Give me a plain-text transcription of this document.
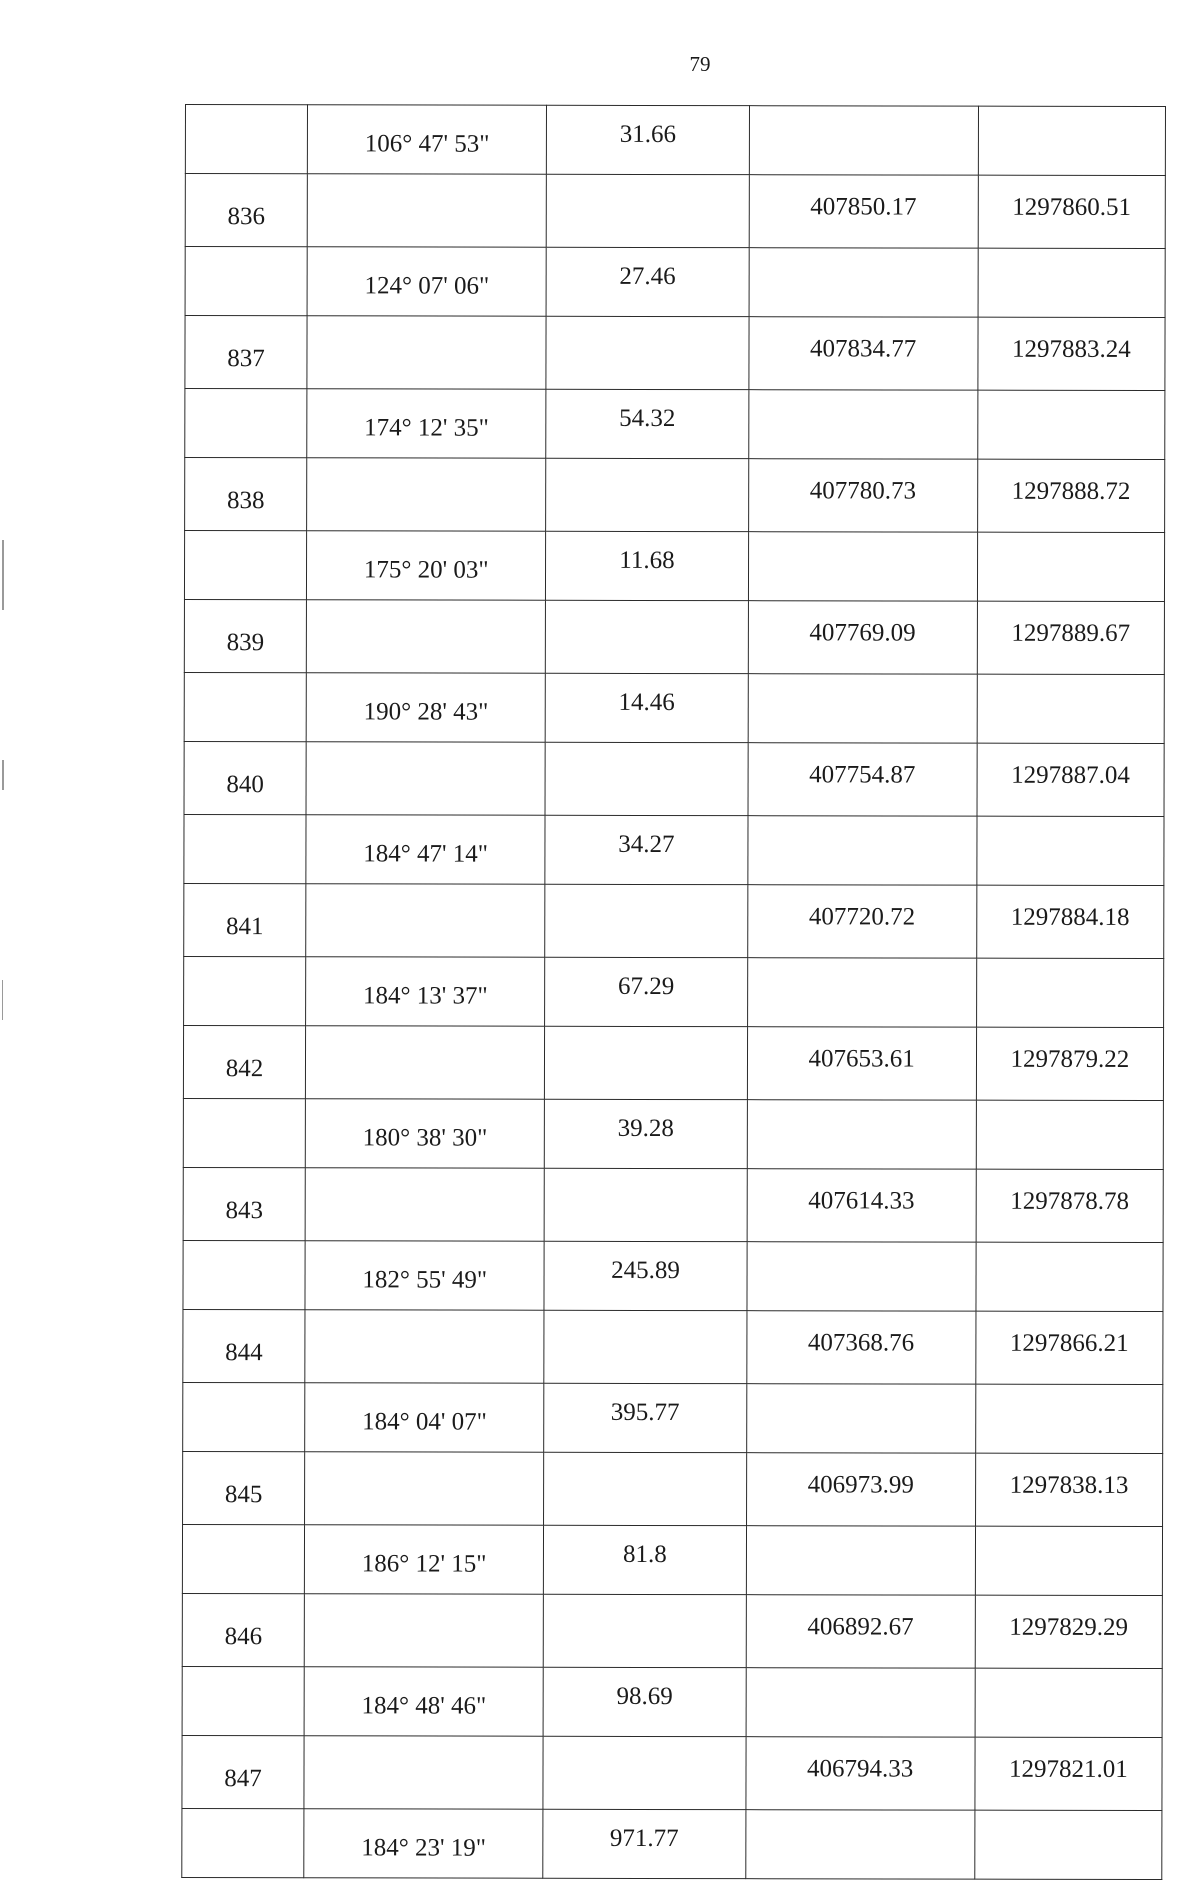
79
	106° 47' 53"	31.66		
836			407850.17	1297860.51
	124° 07' 06"	27.46		
837			407834.77	1297883.24
	174° 12' 35"	54.32		
838			407780.73	1297888.72
	175° 20' 03"	11.68		
839			407769.09	1297889.67
	190° 28' 43"	14.46		
840			407754.87	1297887.04
	184° 47' 14"	34.27		
841			407720.72	1297884.18
	184° 13' 37"	67.29		
842			407653.61	1297879.22
	180° 38' 30"	39.28		
843			407614.33	1297878.78
	182° 55' 49"	245.89		
844			407368.76	1297866.21
	184° 04' 07"	395.77		
845			406973.99	1297838.13
	186° 12' 15"	81.8		
846			406892.67	1297829.29
	184° 48' 46"	98.69		
847			406794.33	1297821.01
	184° 23' 19"	971.77		
